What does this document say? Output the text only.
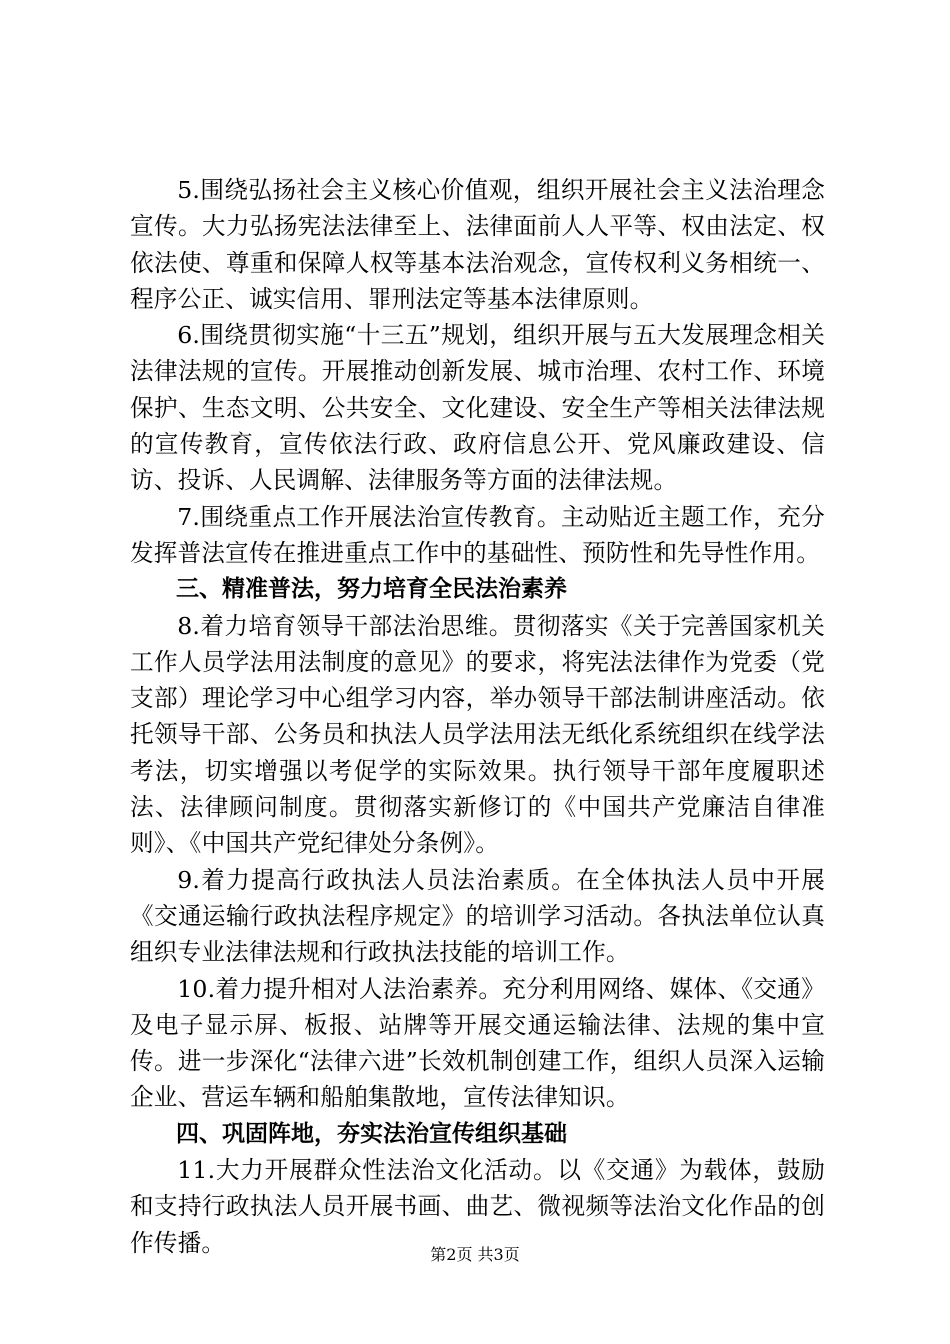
5.围绕弘扬社会主义核心价值观，组织开展社会主义法治理念宣传。大力弘扬宪法法律至上、法律面前人人平等、权由法定、权依法使、尊重和保障人权等基本法治观念，宣传权利义务相统一、程序公正、诚实信用、罪刑法定等基本法律原则。

6.围绕贯彻实施“十三五”规划，组织开展与五大发展理念相关法律法规的宣传。开展推动创新发展、城市治理、农村工作、环境保护、生态文明、公共安全、文化建设、安全生产等相关法律法规的宣传教育，宣传依法行政、政府信息公开、党风廉政建设、信访、投诉、人民调解、法律服务等方面的法律法规。

7.围绕重点工作开展法治宣传教育。主动贴近主题工作，充分发挥普法宣传在推进重点工作中的基础性、预防性和先导性作用。

三、精准普法，努力培育全民法治素养

8.着力培育领导干部法治思维。贯彻落实《关于完善国家机关工作人员学法用法制度的意见》的要求，将宪法法律作为党委（党支部）理论学习中心组学习内容，举办领导干部法制讲座活动。依托领导干部、公务员和执法人员学法用法无纸化系统组织在线学法考法，切实增强以考促学的实际效果。执行领导干部年度履职述法、法律顾问制度。贯彻落实新修订的《中国共产党廉洁自律准则》、《中国共产党纪律处分条例》。

9.着力提高行政执法人员法治素质。在全体执法人员中开展《交通运输行政执法程序规定》的培训学习活动。各执法单位认真组织专业法律法规和行政执法技能的培训工作。

10.着力提升相对人法治素养。充分利用网络、媒体、《交通》及电子显示屏、板报、站牌等开展交通运输法律、法规的集中宣传。进一步深化“法律六进”长效机制创建工作，组织人员深入运输企业、营运车辆和船舶集散地，宣传法律知识。

四、巩固阵地，夯实法治宣传组织基础

11.大力开展群众性法治文化活动。以《交通》为载体，鼓励和支持行政执法人员开展书画、曲艺、微视频等法治文化作品的创作传播。	第2页 共3页
